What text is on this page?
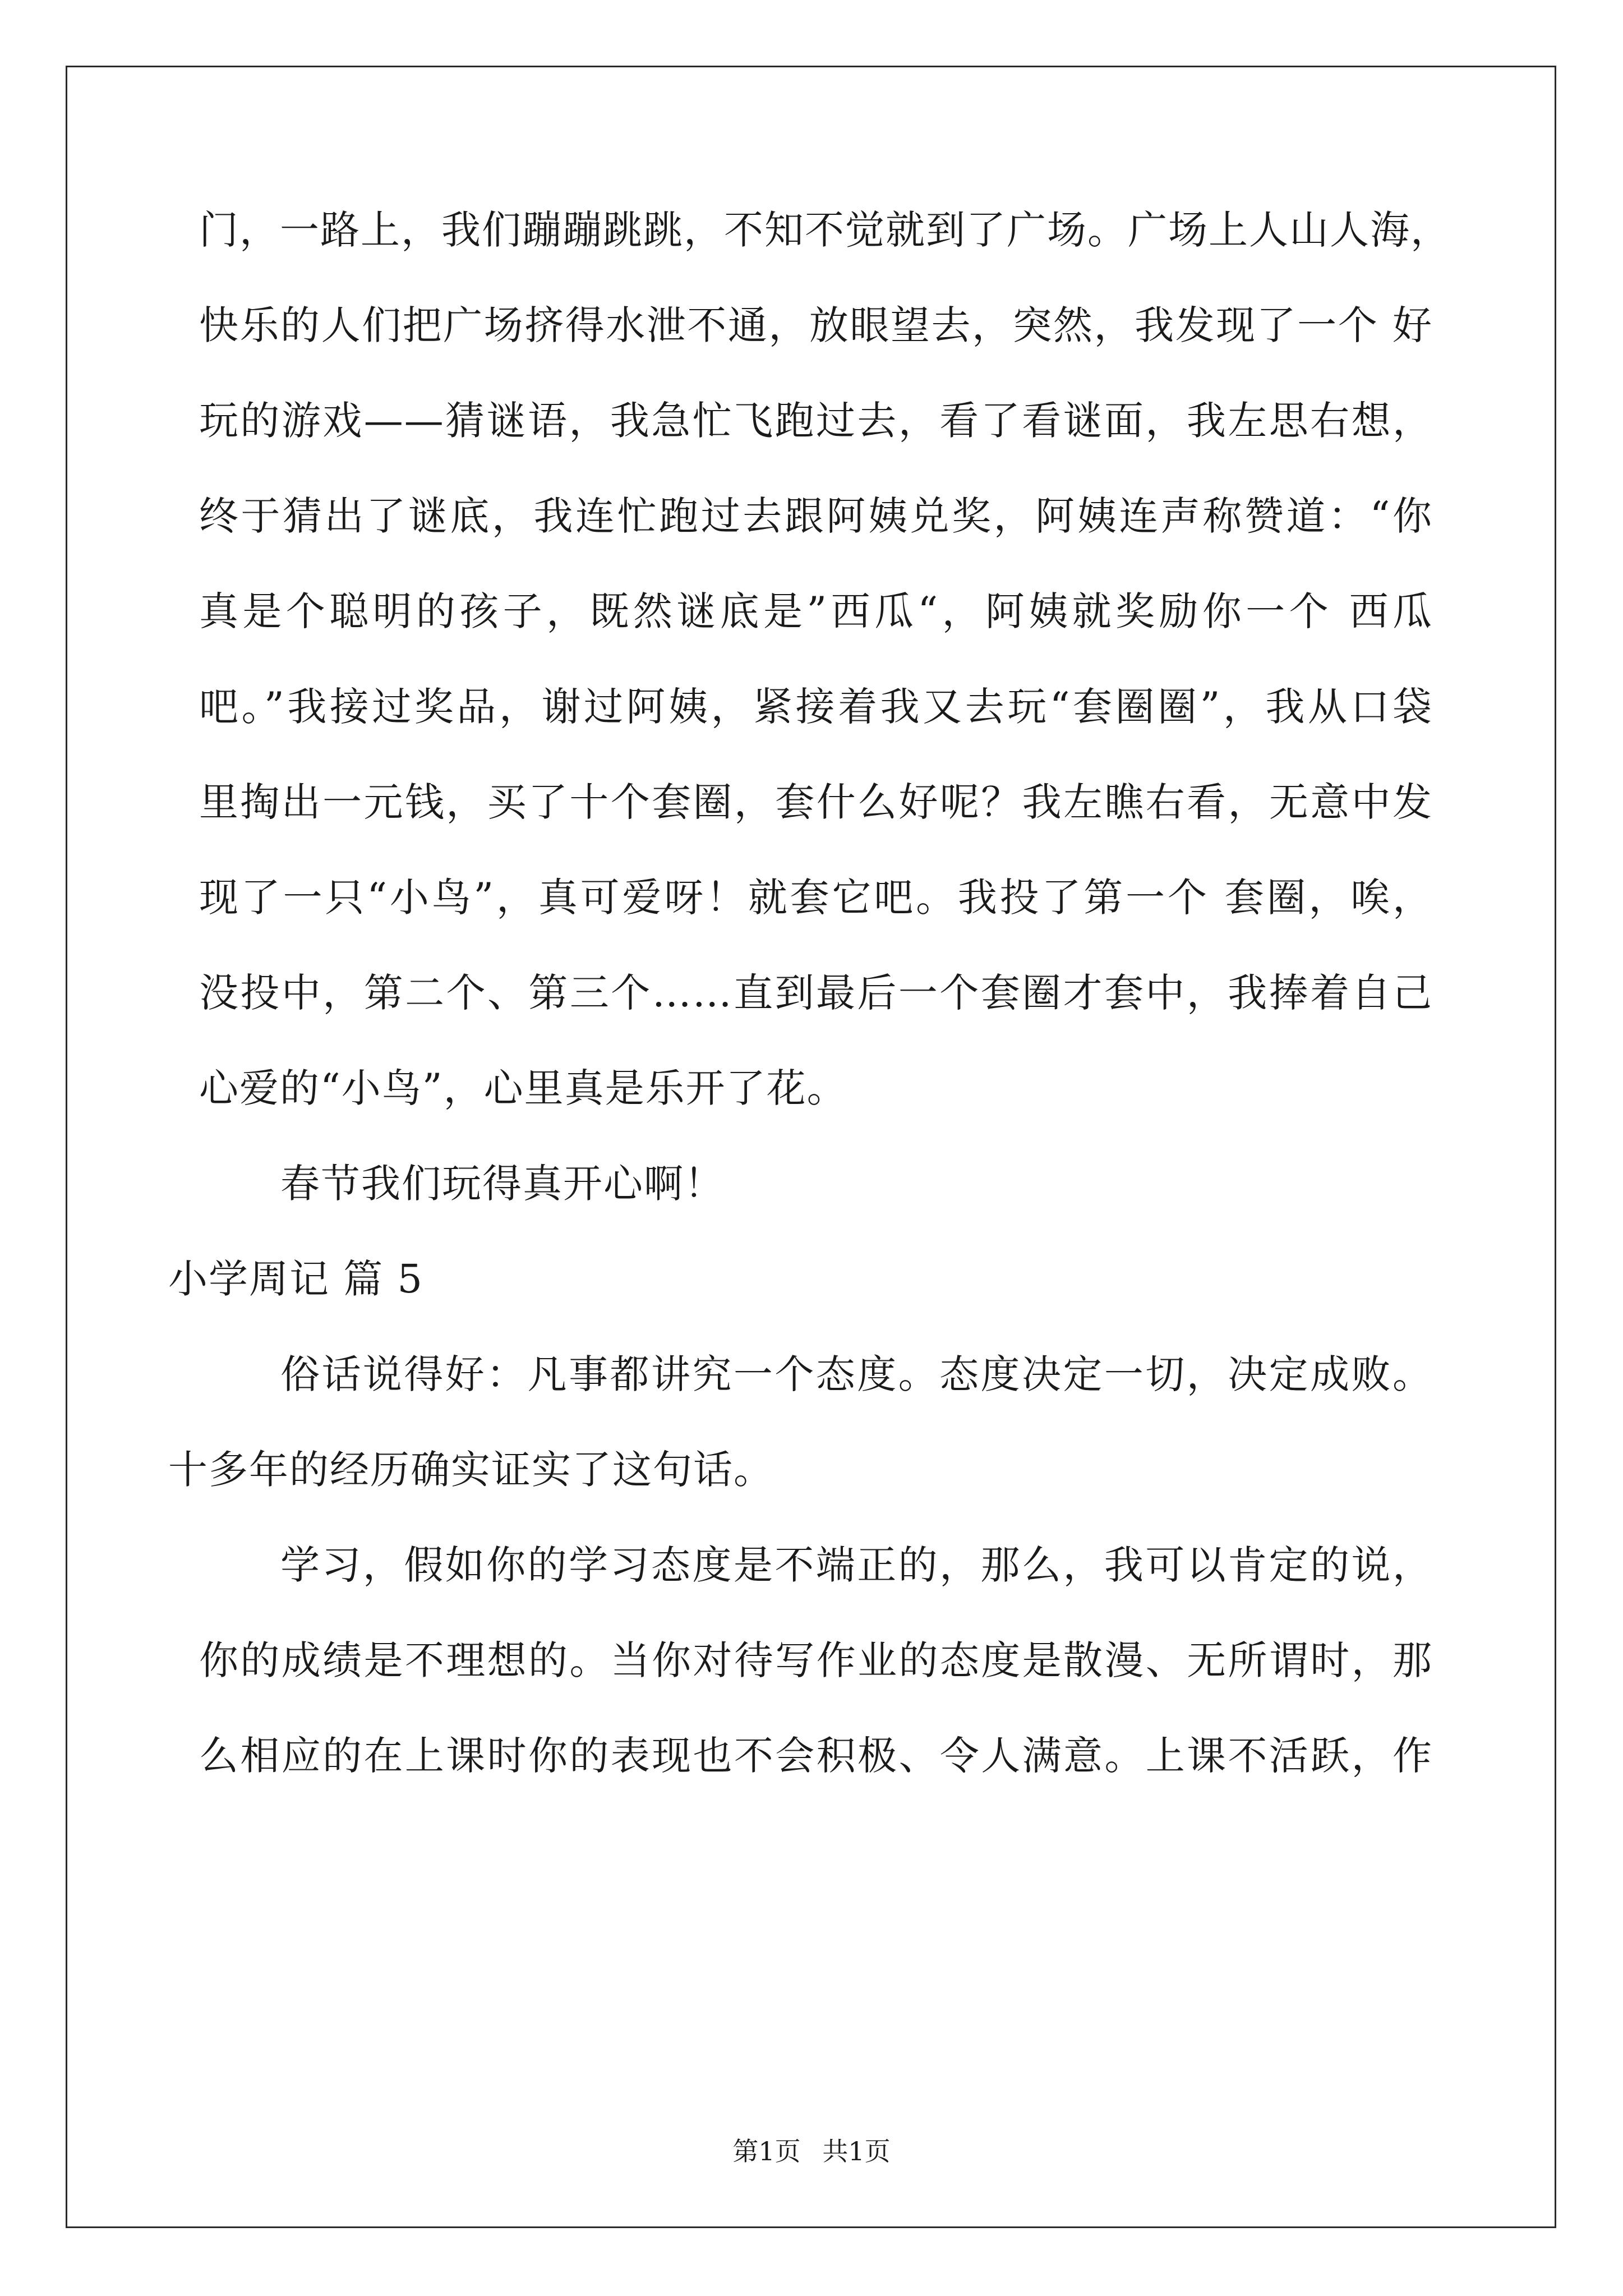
门，一路上，我们蹦蹦跳跳，不知不觉就到了广场。广场上人山人海，
快乐的人们把广场挤得水泄不通，放眼望去，突然，我发现了一个 好
玩的游戏——猜谜语，我急忙飞跑过去，看了看谜面，我左思右想，
终于猜出了谜底，我连忙跑过去跟阿姨兑奖，阿姨连声称赞道：“你
真是个聪明的孩子，既然谜底是”西瓜“，阿姨就奖励你一个 西瓜
吧。”我接过奖品，谢过阿姨，紧接着我又去玩“套圈圈”，我从口袋
里掏出一元钱，买了十个套圈，套什么好呢？我左瞧右看，无意中发
现了一只“小鸟”，真可爱呀！就套它吧。我投了第一个 套圈，唉，
没投中，第二个、第三个……直到最后一个套圈才套中，我捧着自己
心爱的“小鸟”，心里真是乐开了花。
春节我们玩得真开心啊！
小学周记 篇 5
俗话说得好：凡事都讲究一个态度。态度决定一切，决定成败。
十多年的经历确实证实了这句话。
学习，假如你的学习态度是不端正的，那么，我可以肯定的说，
你的成绩是不理想的。当你对待写作业的态度是散漫、无所谓时，那
么相应的在上课时你的表现也不会积极、令人满意。上课不活跃，作
第1页 共1页
